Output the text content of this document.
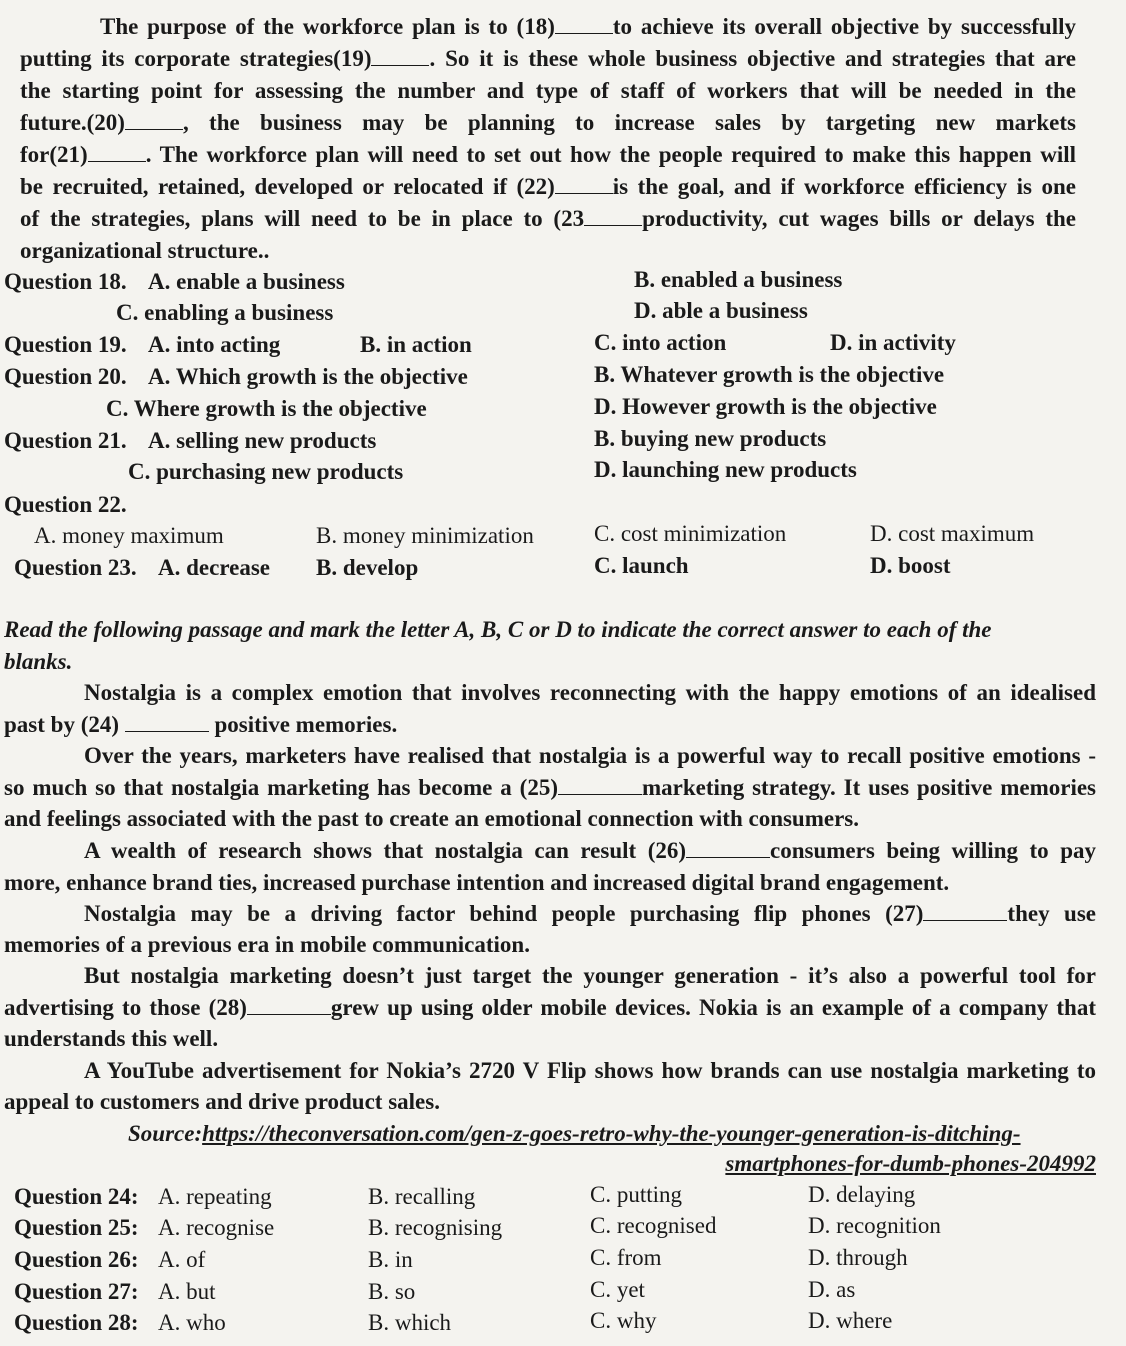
The purpose of the workforce plan is to (18)	to achieve its overall objective by successfully
putting its corporate strategies(19)	. So it is these whole business objective and strategies that are
the starting point for assessing the number and type of staff of workers that will be needed in the
future.(20)	, the business may be planning to increase sales by targeting new markets
for(21)	. The workforce plan will need to set out how the people required to make this happen will
be recruited, retained, developed or relocated if (22)	is the goal, and if workforce efficiency is one
of the strategies, plans will need to be in place to (23	productivity, cut wages bills or delays the
organizational structure..
Question 18. A. enable a business	B. enabled a business
C. enabling a business	D. able a business
Question 19. A. into acting	B. in action	C. into action	D. in activity
Question 20. A. Which growth is the objective	B. Whatever growth is the objective
C. Where growth is the objective	D. However growth is the objective
Question 21. A. selling new products	B. buying new products
C. purchasing new products	D. launching new products
Question 22.
A. money maximum	B. money minimization	C. cost minimization	D. cost maximum
Question 23. A. decrease B. develop	C. launch	D. boost
Read the following passage and mark the letter A, B, C or D to indicate the correct answer to each of the
blanks.
Nostalgia is a complex emotion that involves reconnecting with the happy emotions of an idealised
past by (24)	positive memories.
Over the years, marketers have realised that nostalgia is a powerful way to recall positive emotions -
so much so that nostalgia marketing has become a (25)	marketing strategy. It uses positive memories
and feelings associated with the past to create an emotional connection with consumers.
A wealth of research shows that nostalgia can result (26)	consumers being willing to pay
more, enhance brand ties, increased purchase intention and increased digital brand engagement.
Nostalgia may be a driving factor behind people purchasing flip phones (27)	they use
memories of a previous era in mobile communication.
But nostalgia marketing doesn’t just target the younger generation - it’s also a powerful tool for
advertising to those (28)	grew up using older mobile devices. Nokia is an example of a company that
understands this well.
A YouTube advertisement for Nokia’s 2720 V Flip shows how brands can use nostalgia marketing to
appeal to customers and drive product sales.
Source:https://theconversation.com/gen-z-goes-retro-why-the-younger-generation-is-ditching-
smartphones-for-dumb-phones-204992
Question 24: A. repeating	B. recalling	C. putting	D. delaying
Question 25: A. recognise	B. recognising	C. recognised	D. recognition
Question 26: A. of	B. in	C. from	D. through
Question 27: A. but	B. so	C. yet	D. as
Question 28: A. who	B. which	C. why	D. where
